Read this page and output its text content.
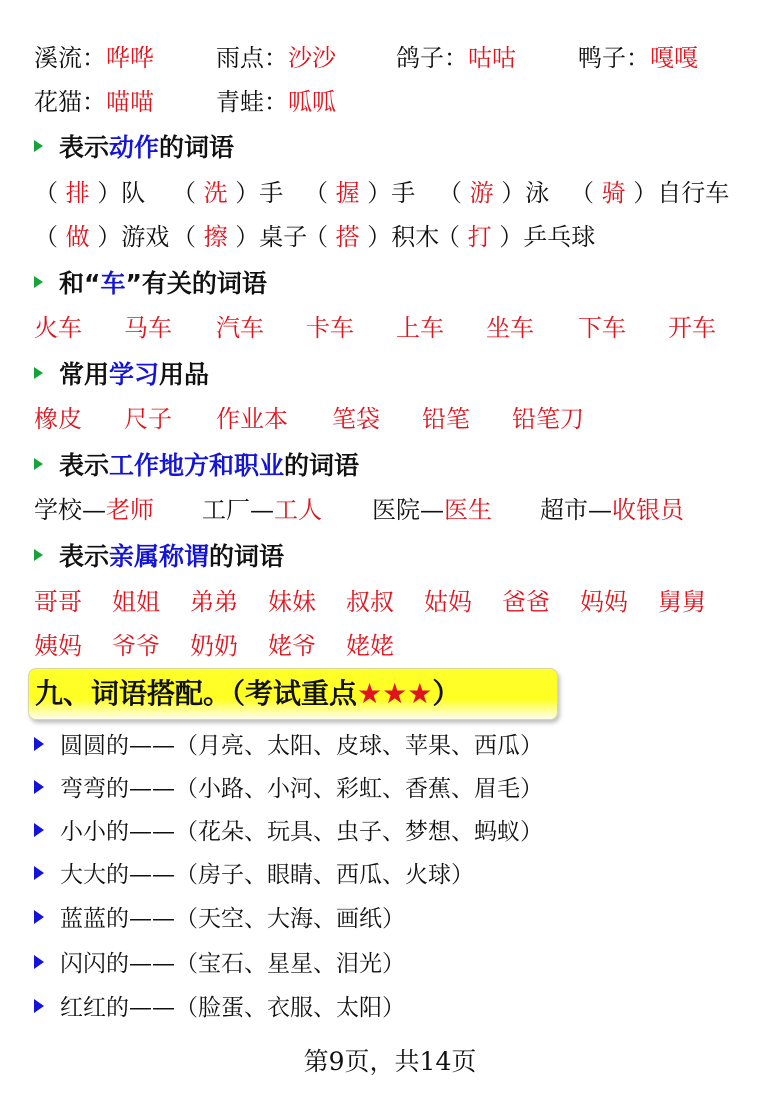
溪流：哗哗	雨点：沙沙	鸽子：咕咕	鸭子：嘎嘎
花猫：喵喵	青蛙：呱呱
表示动作的词语
（ 排 ）队 （ 洗 ）手 （ 握 ）手 （ 游 ）泳 （ 骑 ）自行车
（ 做 ）游戏 （ 擦 ）桌子
（ 搭 ）积木
（ 打 ）乒乓球
和“车”有关的词语
火车 马车 汽车 卡车 上车 坐车 下车 开车
常用学习用品
橡皮 尺子 作业本 笔袋 铅笔 铅笔刀
表示工作地方和职业的词语
学校—老师 工厂—工人 医院—医生 超市—收银员
表示亲属称谓的词语
哥哥 姐姐 弟弟 妹妹 叔叔 姑妈 爸爸 妈妈 舅舅
姨妈 爷爷 奶奶 姥爷 姥姥
九、词语搭配。（考试重点★★★）
圆圆的——（月亮、太阳、皮球、苹果、西瓜）
弯弯的——（小路、小河、彩虹、香蕉、眉毛）
小小的——（花朵、玩具、虫子、梦想、蚂蚁）
大大的——（房子、眼睛、西瓜、火球）
蓝蓝的——（天空、大海、画纸）
闪闪的——（宝石、星星、泪光）
红红的——（脸蛋、衣服、太阳）
第9页，共14页
